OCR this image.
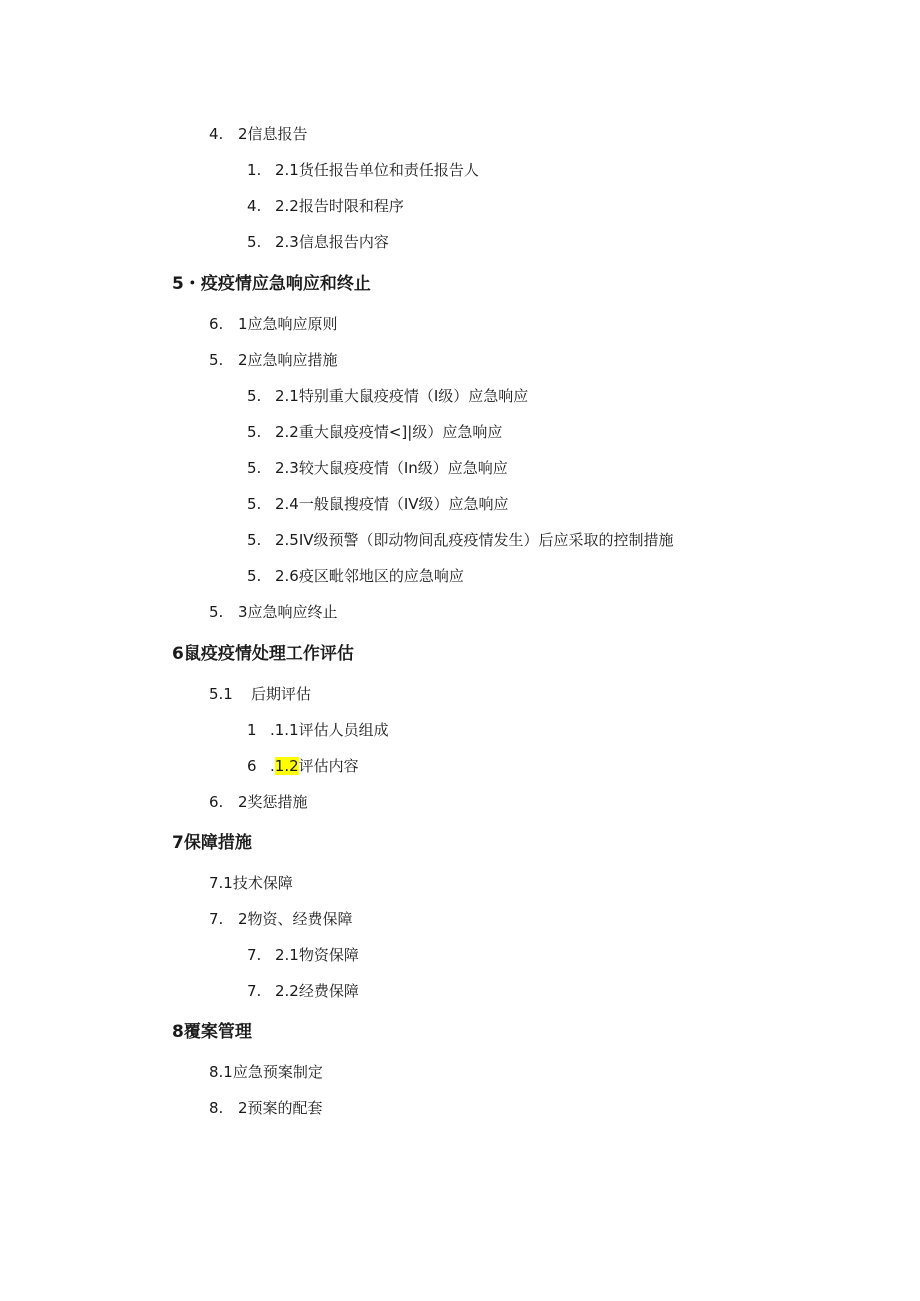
4. 2信息报告
1. 2.1货任报告单位和责任报告人
4. 2.2报告时限和程序
5. 2.3信息报告内容
5・疫疫情应急响应和终止
6. 1应急响应原则
5. 2应急响应措施
5. 2.1特别重大鼠疫疫情（I级）应急响应
5. 2.2重大鼠疫疫情<]|级）应急响应
5. 2.3较大鼠疫疫情（In级）应急响应
5. 2.4一般鼠搜疫情（IV级）应急响应
5. 2.5IV级预警（即动物间乱疫疫情发生）后应采取的控制措施
5. 2.6疫区毗邻地区的应急响应
5. 3应急响应终止
6鼠疫疫情处理工作评估
5.1 后期评估
1 .1.1评估人员组成
6 .1.2评估内容
6. 2奖惩措施
7保障措施
7.1技术保障
7. 2物资、经费保障
7. 2.1物资保障
7. 2.2经费保障
8覆案管理
8.1应急预案制定
8. 2预案的配套
